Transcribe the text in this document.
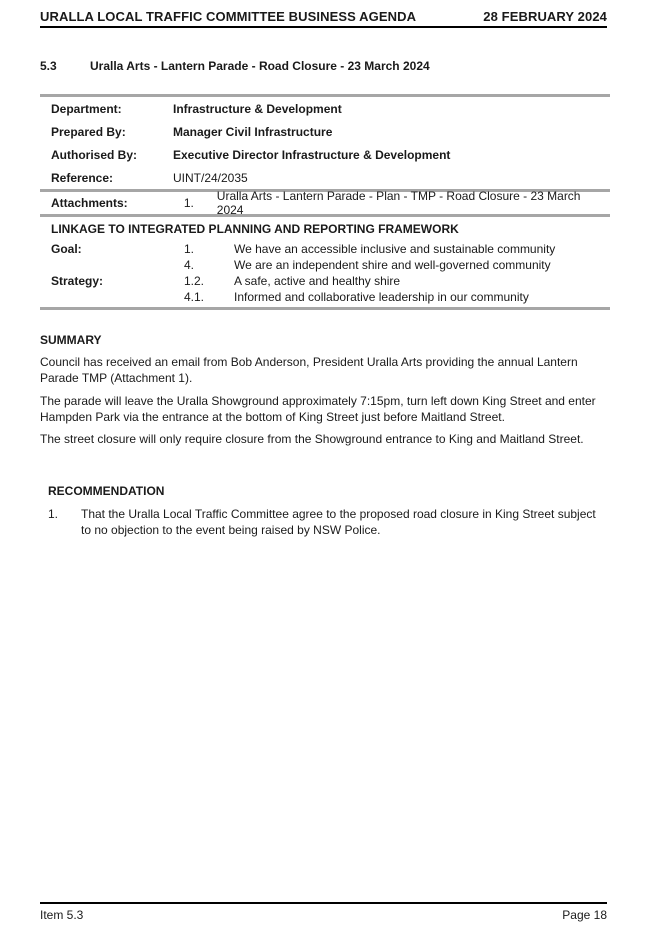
URALLA LOCAL TRAFFIC COMMITTEE BUSINESS AGENDA	28 FEBRUARY 2024
5.3	Uralla Arts - Lantern Parade - Road Closure - 23 March 2024
Department:	Infrastructure & Development
Prepared By:	Manager Civil Infrastructure
Authorised By:	Executive Director Infrastructure & Development
Reference:	UINT/24/2035
Attachments:	1.	Uralla Arts - Lantern Parade - Plan - TMP - Road Closure - 23 March 2024
LINKAGE TO INTEGRATED PLANNING AND REPORTING FRAMEWORK
Goal:	1.	We have an accessible inclusive and sustainable community
4.	We are an independent shire and well-governed community
Strategy:	1.2.	A safe, active and healthy shire
4.1.	Informed and collaborative leadership in our community
SUMMARY
Council has received an email from Bob Anderson, President Uralla Arts providing the annual Lantern Parade TMP (Attachment 1).
The parade will leave the Uralla Showground approximately 7:15pm, turn left down King Street and enter Hampden Park via the entrance at the bottom of King Street just before Maitland Street.
The street closure will only require closure from the Showground entrance to King and Maitland Street.
RECOMMENDATION
1.	That the Uralla Local Traffic Committee agree to the proposed road closure in King Street subject to no objection to the event being raised by NSW Police.
Item 5.3	Page 18
